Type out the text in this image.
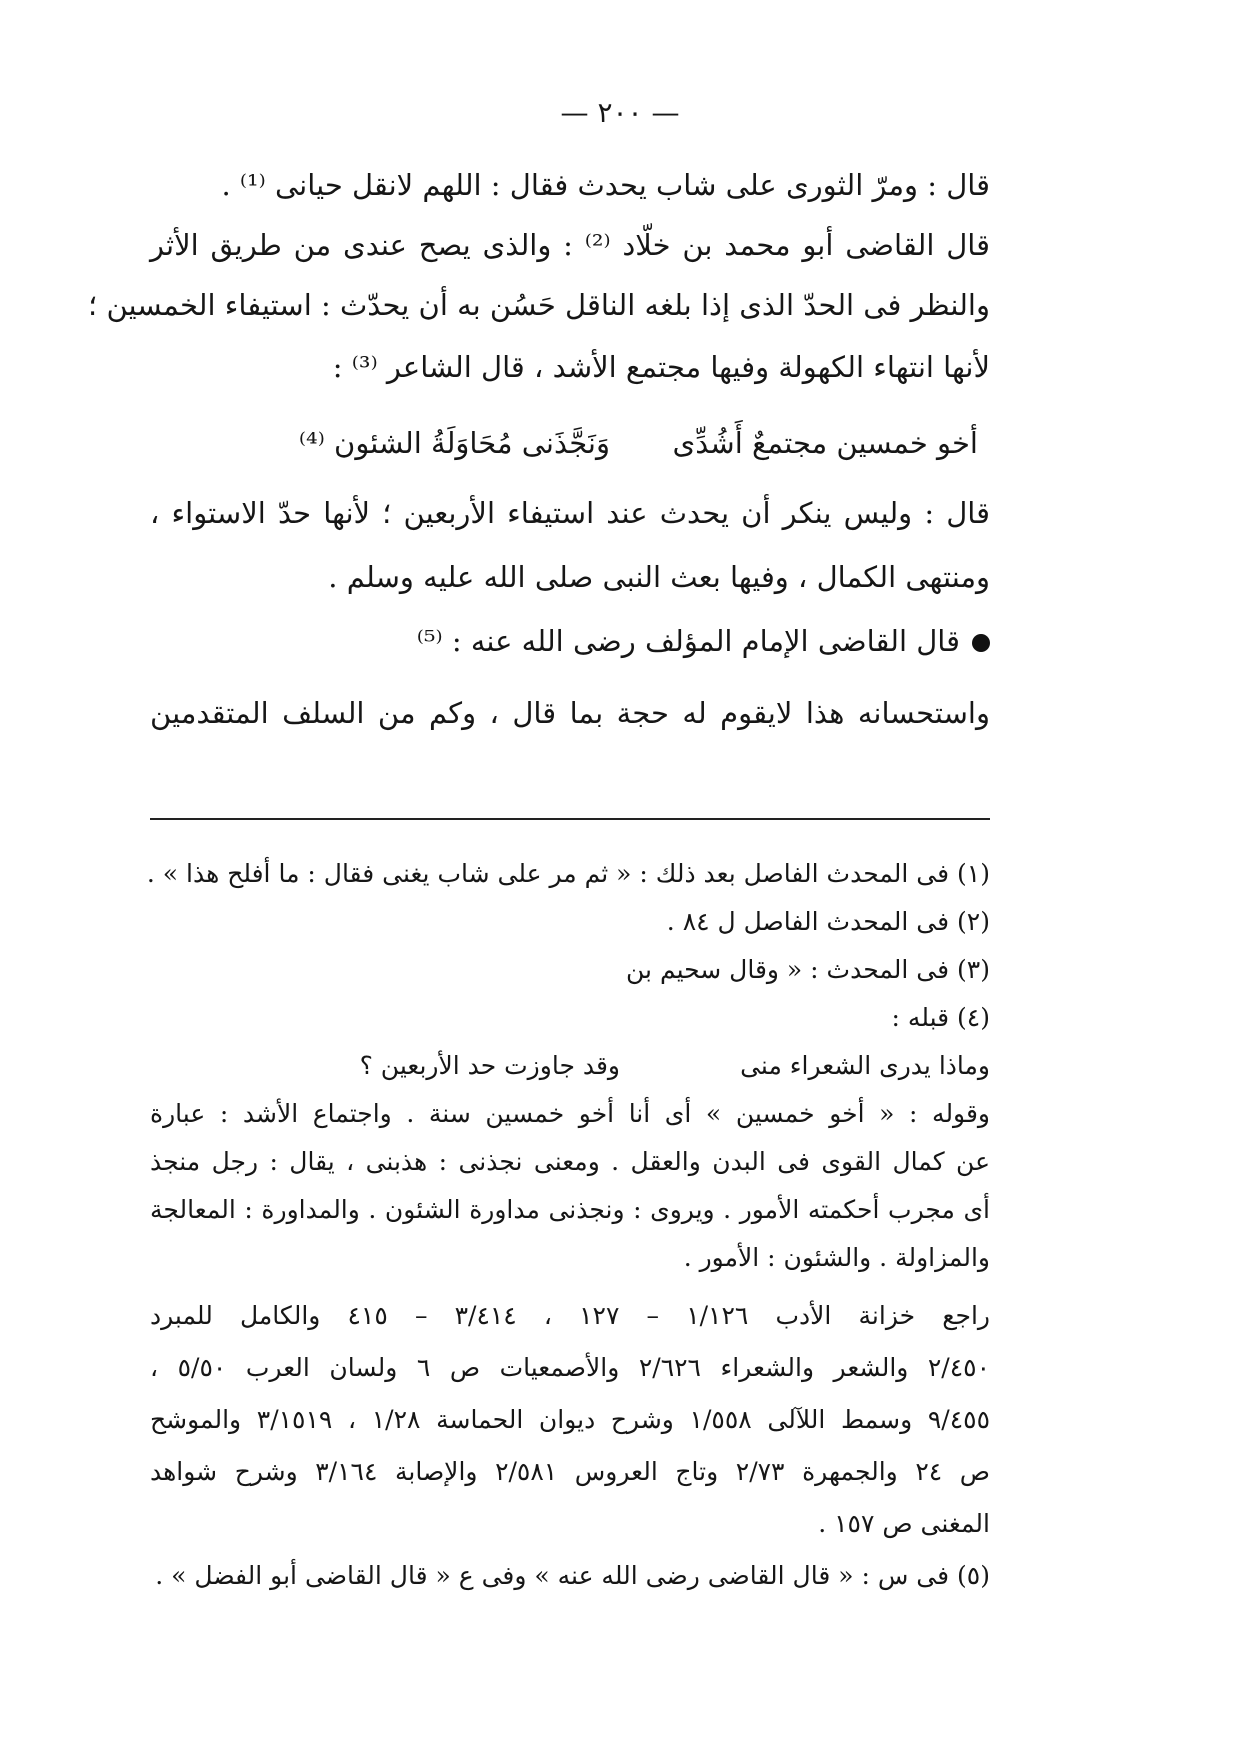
— ٢٠٠ —
قال : ومرّ الثورى على شاب يحدث فقال : اللهم لانقل حيانى ⁽¹⁾ .
قال القاضى أبو محمد بن خلّاد ⁽²⁾ : والذى يصح عندى من طريق الأثر
والنظر فى الحدّ الذى إذا بلغه الناقل حَسُن به أن يحدّث : استيفاء الخمسين ؛
لأنها انتهاء الكهولة وفيها مجتمع الأشد ، قال الشاعر ⁽³⁾ :
أخو خمسين مجتمعٌ أَشُدِّى
وَنَجَّذَنى مُحَاوَلَةُ الشئون ⁽⁴⁾
قال : وليس ينكر أن يحدث عند استيفاء الأربعين ؛ لأنها حدّ الاستواء ،
ومنتهى الكمال ، وفيها بعث النبى صلى الله عليه وسلم .
قال القاضى الإمام المؤلف رضى الله عنه : ⁽⁵⁾
واستحسانه هذا لايقوم له حجة بما قال ، وكم من السلف المتقدمين
(١) فى المحدث الفاصل بعد ذلك : « ثم مر على شاب يغنى فقال : ما أفلح هذا » .
(٢) فى المحدث الفاصل ل ٨٤ .
(٣) فى المحدث : « وقال سحيم بن
(٤) قبله :
وماذا يدرى الشعراء منى
وقد جاوزت حد الأربعين ؟
وقوله : « أخو خمسين » أى أنا أخو خمسين سنة . واجتماع الأشد : عبارة
عن كمال القوى فى البدن والعقل . ومعنى نجذنى : هذبنى ، يقال : رجل منجذ
أى مجرب أحكمته الأمور . ويروى : ونجذنى مداورة الشئون . والمداورة : المعالجة
والمزاولة . والشئون : الأمور .
راجع خزانة الأدب ١/١٢٦ – ١٢٧ ، ٣/٤١٤ – ٤١٥ والكامل للمبرد
٢/٤٥٠ والشعر والشعراء ٢/٦٢٦ والأصمعيات ص ٦ ولسان العرب ٥/٥٠ ،
٩/٤٥٥ وسمط اللآلى ١/٥٥٨ وشرح ديوان الحماسة ١/٢٨ ، ٣/١٥١٩ والموشح
ص ٢٤ والجمهرة ٢/٧٣ وتاج العروس ٢/٥٨١ والإصابة ٣/١٦٤ وشرح شواهد
المغنى ص ١٥٧ .
(٥) فى س : « قال القاضى رضى الله عنه » وفى ع « قال القاضى أبو الفضل » .
